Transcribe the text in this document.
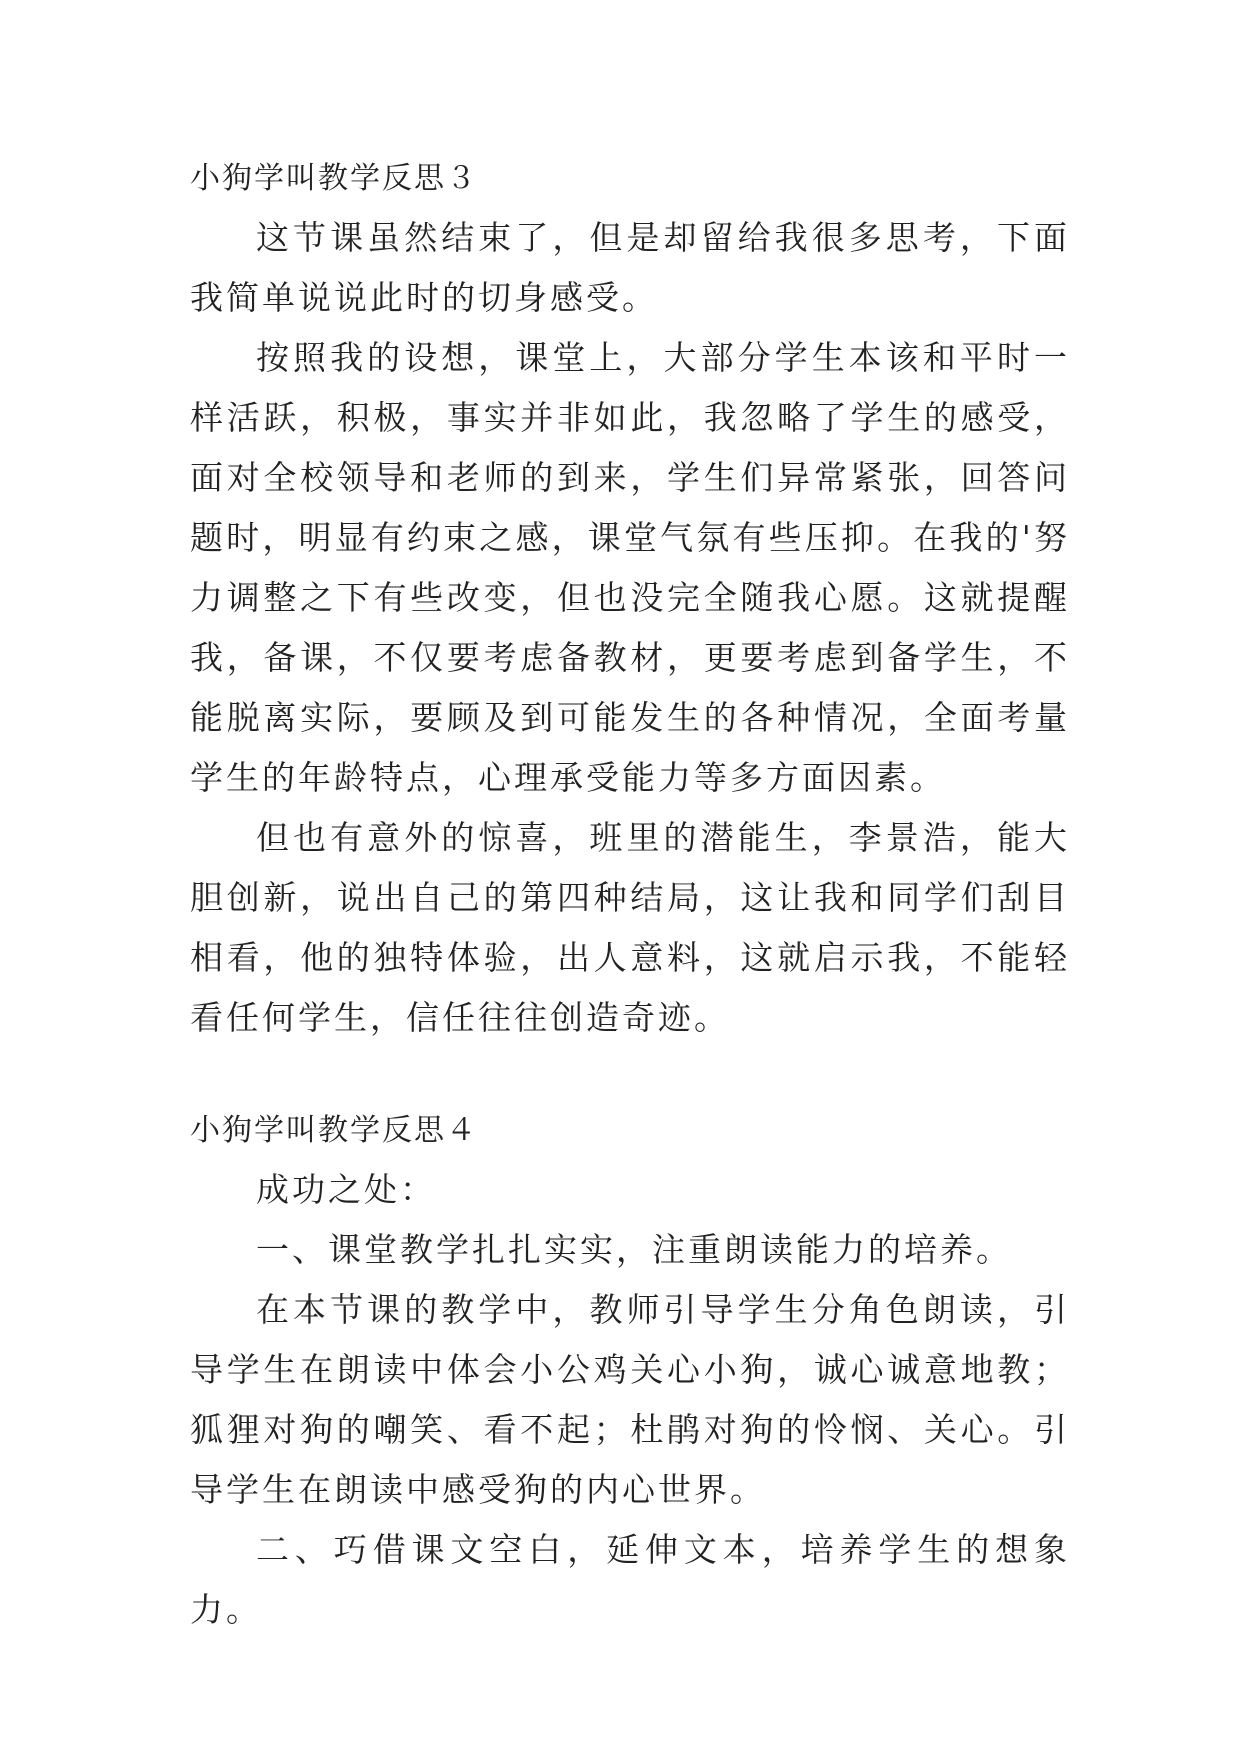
小狗学叫教学反思３

这节课虽然结束了，但是却留给我很多思考，下面我简单说说此时的切身感受。

按照我的设想，课堂上，大部分学生本该和平时一样活跃，积极，事实并非如此，我忽略了学生的感受，面对全校领导和老师的到来，学生们异常紧张，回答问题时，明显有约束之感，课堂气氛有些压抑。在我的'努力调整之下有些改变，但也没完全随我心愿。这就提醒我，备课，不仅要考虑备教材，更要考虑到备学生，不能脱离实际，要顾及到可能发生的各种情况，全面考量学生的年龄特点，心理承受能力等多方面因素。

但也有意外的惊喜，班里的潜能生，李景浩，能大胆创新，说出自己的第四种结局，这让我和同学们刮目相看，他的独特体验，出人意料，这就启示我，不能轻看任何学生，信任往往创造奇迹。

小狗学叫教学反思４

成功之处：

一、课堂教学扎扎实实，注重朗读能力的培养。

在本节课的教学中，教师引导学生分角色朗读，引导学生在朗读中体会小公鸡关心小狗，诚心诚意地教；狐狸对狗的嘲笑、看不起；杜鹃对狗的怜悯、关心。引导学生在朗读中感受狗的内心世界。

二、巧借课文空白，延伸文本，培养学生的想象力。
